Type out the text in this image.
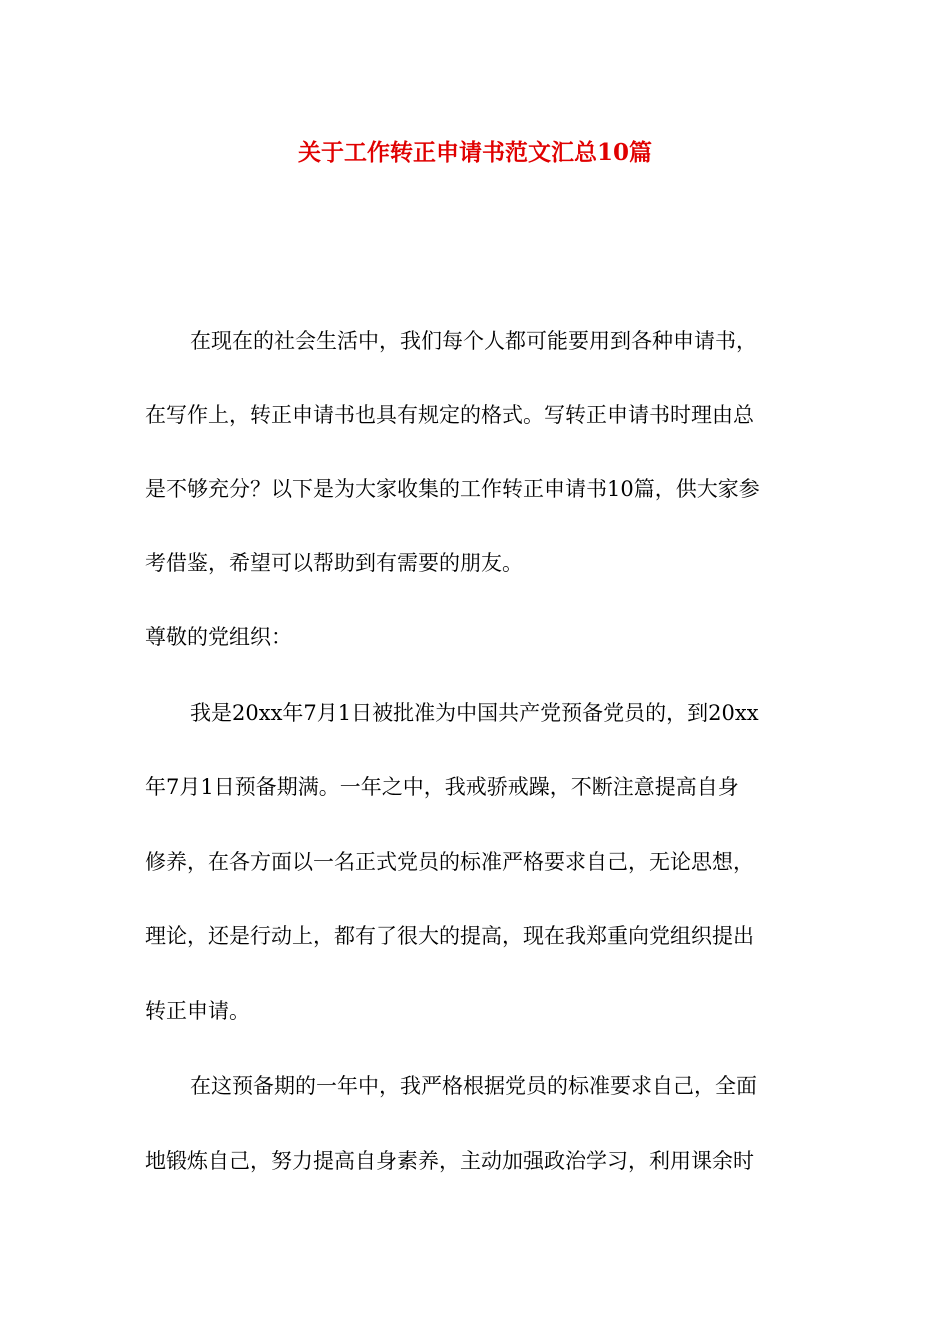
关于工作转正申请书范文汇总10篇
在现在的社会生活中，我们每个人都可能要用到各种申请书，
在写作上，转正申请书也具有规定的格式。写转正申请书时理由总
是不够充分？以下是为大家收集的工作转正申请书10篇，供大家参
考借鉴，希望可以帮助到有需要的朋友。
尊敬的党组织：
我是20xx年7月1日被批准为中国共产党预备党员的，到20xx
年7月1日预备期满。一年之中，我戒骄戒躁，不断注意提高自身
修养，在各方面以一名正式党员的标准严格要求自己，无论思想，
理论，还是行动上，都有了很大的提高，现在我郑重向党组织提出
转正申请。
在这预备期的一年中，我严格根据党员的标准要求自己，全面
地锻炼自己，努力提高自身素养，主动加强政治学习，利用课余时
